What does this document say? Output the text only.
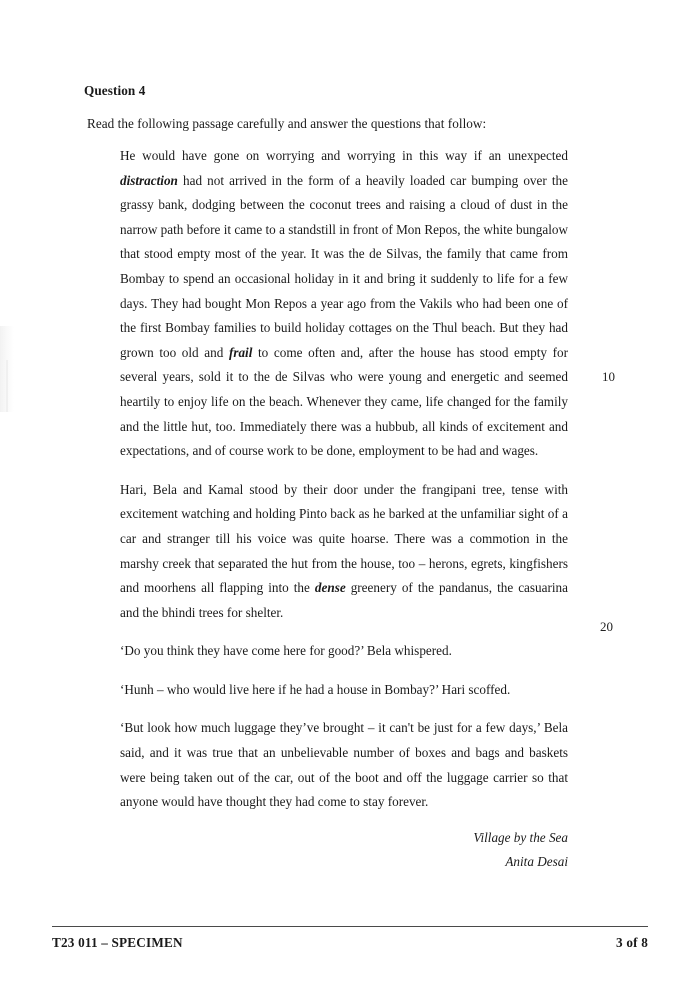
Question 4
Read the following passage carefully and answer the questions that follow:

He would have gone on worrying and worrying in this way if an unexpected distraction had not arrived in the form of a heavily loaded car bumping over the grassy bank, dodging between the coconut trees and raising a cloud of dust in the narrow path before it came to a standstill in front of Mon Repos, the white bungalow that stood empty most of the year. It was the de Silvas, the family that came from Bombay to spend an occasional holiday in it and bring it suddenly to life for a few days. They had bought Mon Repos a year ago from the Vakils who had been one of the first Bombay families to build holiday cottages on the Thul beach. But they had grown too old and frail to come often and, after the house has stood empty for several years, sold it to the de Silvas who were young and energetic and seemed heartily to enjoy life on the beach. Whenever they came, life changed for the family and the little hut, too. Immediately there was a hubbub, all kinds of excitement and expectations, and of course work to be done, employment to be had and wages.

Hari, Bela and Kamal stood by their door under the frangipani tree, tense with excitement watching and holding Pinto back as he barked at the unfamiliar sight of a car and stranger till his voice was quite hoarse. There was a commotion in the marshy creek that separated the hut from the house, too – herons, egrets, kingfishers and moorhens all flapping into the dense greenery of the pandanus, the casuarina and the bhindi trees for shelter.

‘Do you think they have come here for good?’ Bela whispered.

‘Hunh – who would live here if he had a house in Bombay?’ Hari scoffed.

‘But look how much luggage they’ve brought – it can't be just for a few days,’ Bela said, and it was true that an unbelievable number of boxes and bags and baskets were being taken out of the car, out of the boot and off the luggage carrier so that anyone would have thought they had come to stay forever.

10
20
Village by the Sea
Anita Desai
T23 011 – SPECIMEN	3 of 8
